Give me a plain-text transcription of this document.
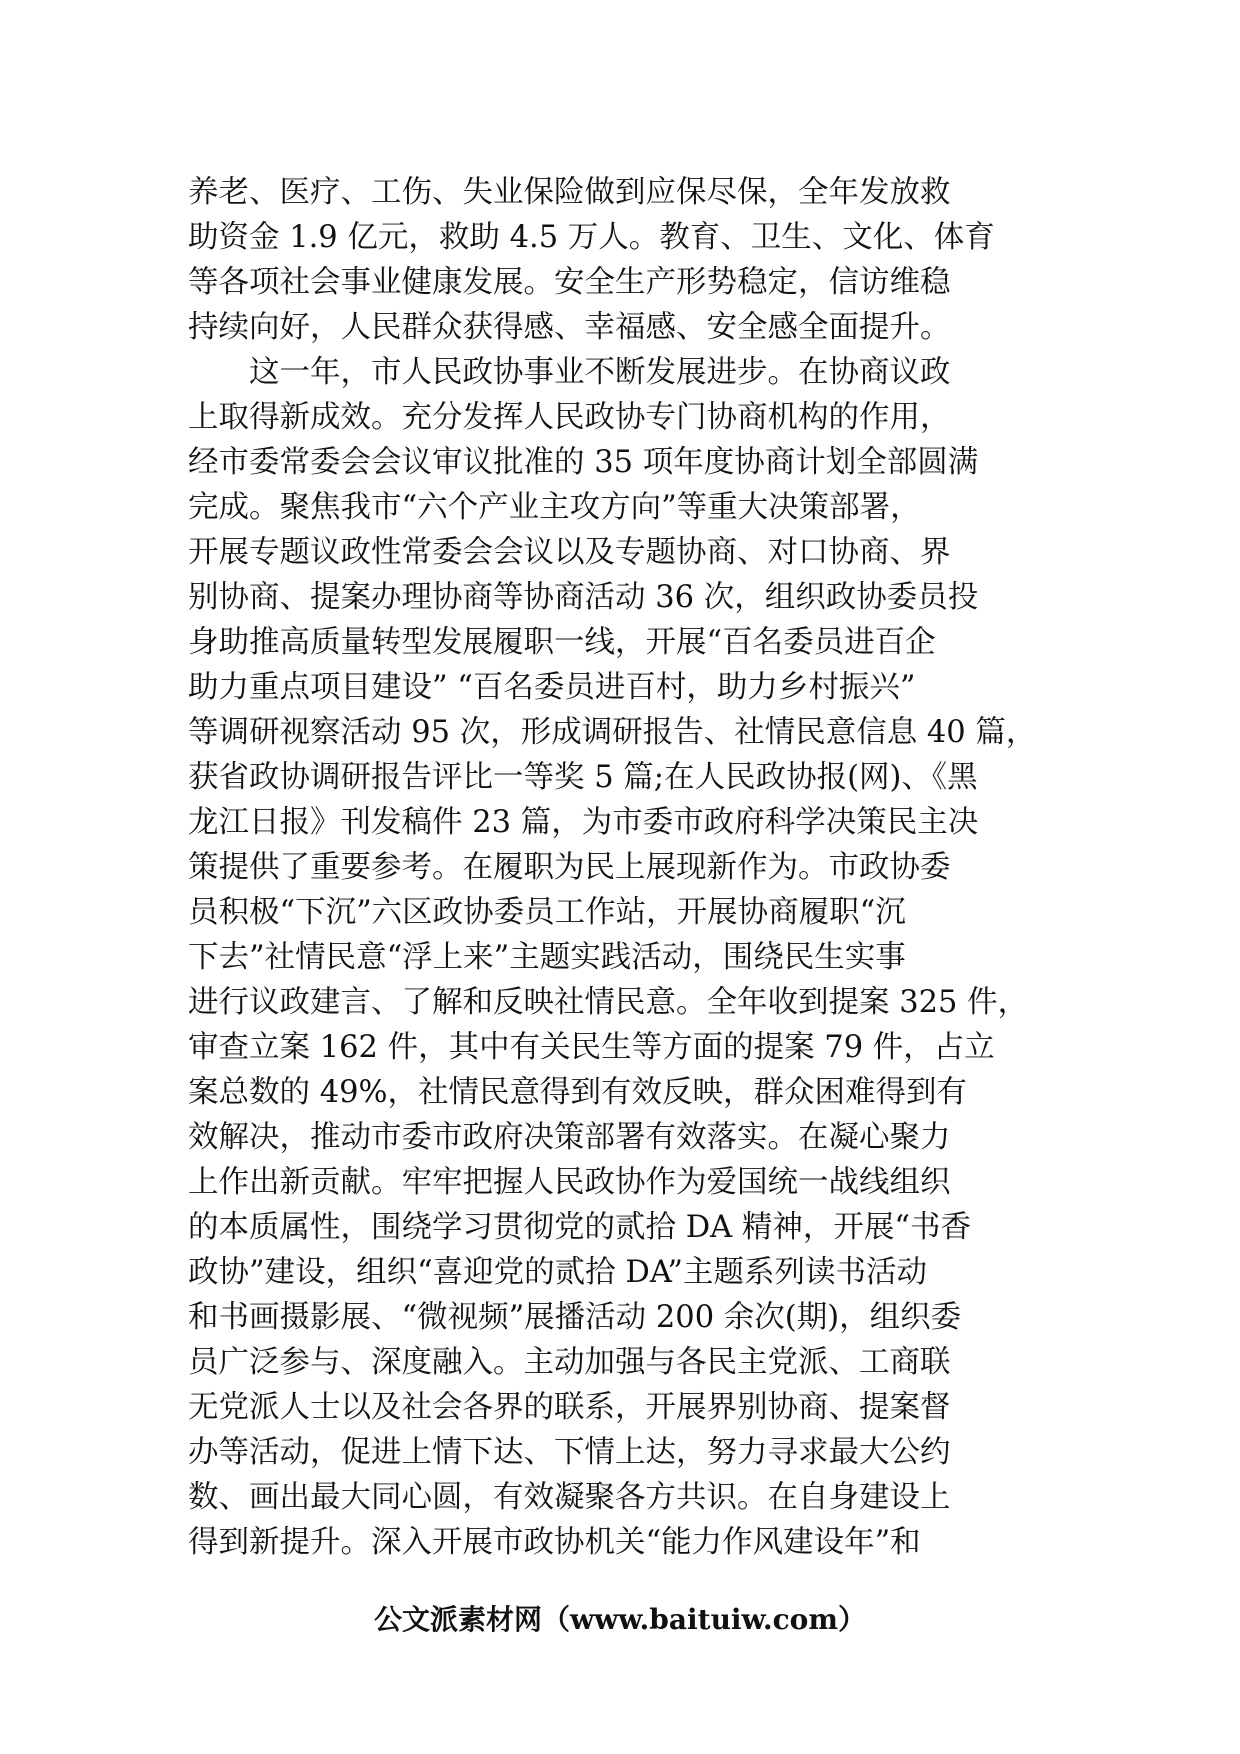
养老、医疗、工伤、失业保险做到应保尽保，全年发放救
助资金 1.9 亿元，救助 4.5 万人。教育、卫生、文化、体育
等各项社会事业健康发展。安全生产形势稳定，信访维稳
持续向好，人民群众获得感、幸福感、安全感全面提升。
　　这一年，市人民政协事业不断发展进步。在协商议政
上取得新成效。充分发挥人民政协专门协商机构的作用，
经市委常委会会议审议批准的 35 项年度协商计划全部圆满
完成。聚焦我市“六个产业主攻方向”等重大决策部署，
开展专题议政性常委会会议以及专题协商、对口协商、界
别协商、提案办理协商等协商活动 36 次，组织政协委员投
身助推高质量转型发展履职一线，开展“百名委员进百企
助力重点项目建设” “百名委员进百村，助力乡村振兴”
等调研视察活动 95 次，形成调研报告、社情民意信息 40 篇，
获省政协调研报告评比一等奖 5 篇;在人民政协报(网)、《黑
龙江日报》刊发稿件 23 篇，为市委市政府科学决策民主决
策提供了重要参考。在履职为民上展现新作为。市政协委
员积极“下沉”六区政协委员工作站，开展协商履职“沉
下去”社情民意“浮上来”主题实践活动，围绕民生实事
进行议政建言、了解和反映社情民意。全年收到提案 325 件，
审查立案 162 件，其中有关民生等方面的提案 79 件，占立
案总数的 49%，社情民意得到有效反映，群众困难得到有
效解决，推动市委市政府决策部署有效落实。在凝心聚力
上作出新贡献。牢牢把握人民政协作为爱国统一战线组织
的本质属性，围绕学习贯彻党的贰拾 DA 精神，开展“书香
政协”建设，组织“喜迎党的贰拾 DA”主题系列读书活动
和书画摄影展、“微视频”展播活动 200 余次(期)，组织委
员广泛参与、深度融入。主动加强与各民主党派、工商联
无党派人士以及社会各界的联系，开展界别协商、提案督
办等活动，促进上情下达、下情上达，努力寻求最大公约
数、画出最大同心圆，有效凝聚各方共识。在自身建设上
得到新提升。深入开展市政协机关“能力作风建设年”和
公文派素材网（www.baituiw.com）
